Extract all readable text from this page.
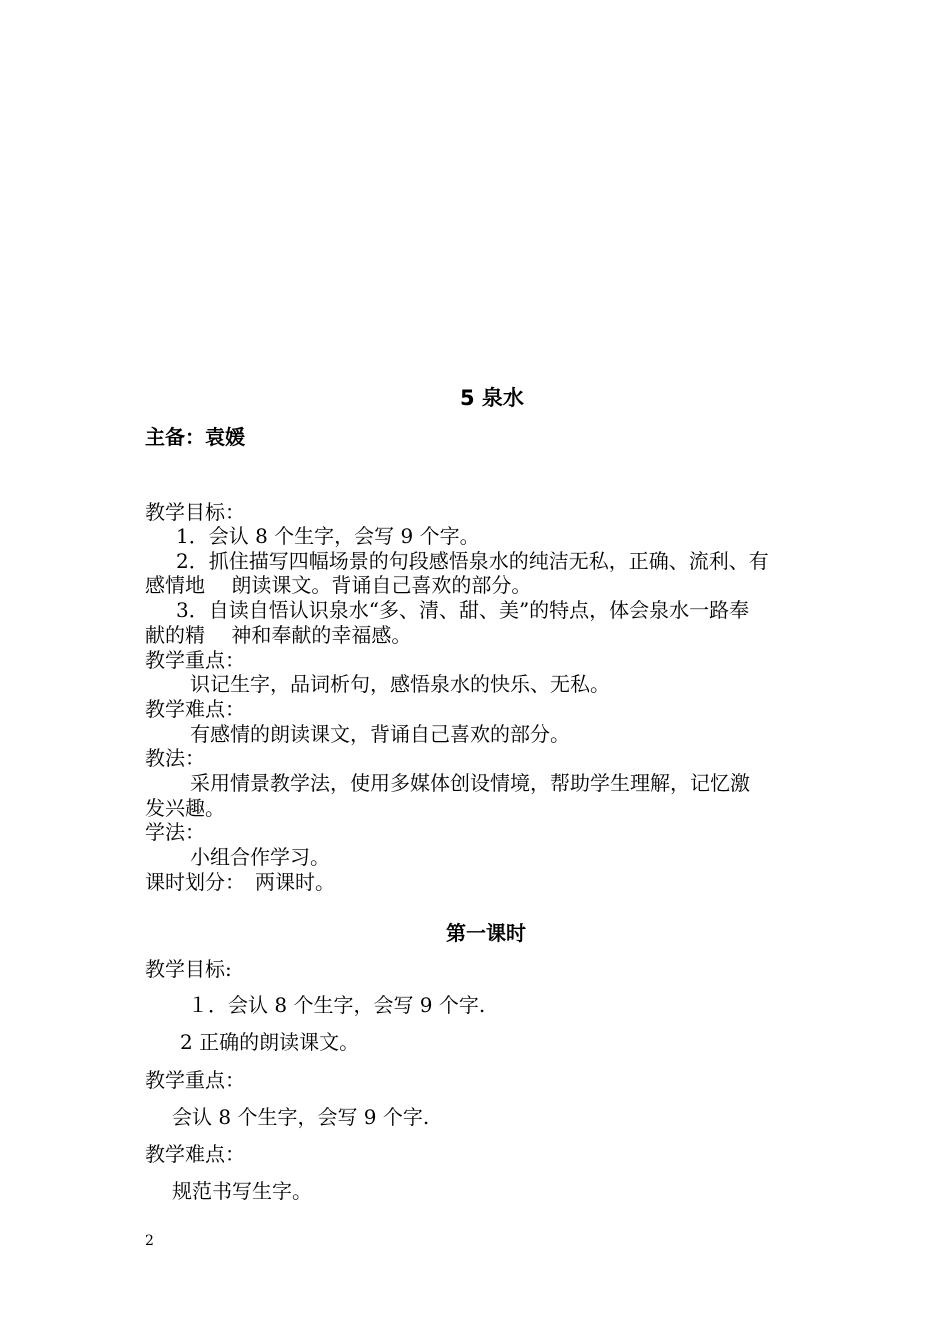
5 泉水
主备：袁媛
教学目标：
1．会认 8 个生字，会写 9 个字。
2．抓住描写四幅场景的句段感悟泉水的纯洁无私，正确、流利、有
感情地　 朗读课文。背诵自己喜欢的部分。
3．自读自悟认识泉水“多、清、甜、美”的特点，体会泉水一路奉
献的精　 神和奉献的幸福感。
教学重点：
识记生字，品词析句，感悟泉水的快乐、无私。
教学难点：
有感情的朗读课文，背诵自己喜欢的部分。
教法：
采用情景教学法，使用多媒体创设情境，帮助学生理解，记忆激
发兴趣。
学法：
小组合作学习。
课时划分：　两课时。
第一课时
教学目标:
１．会认 8 个生字，会写 9 个字.
2 正确的朗读课文。
教学重点：
会认 8 个生字，会写 9 个字.
教学难点：
规范书写生字。
2
